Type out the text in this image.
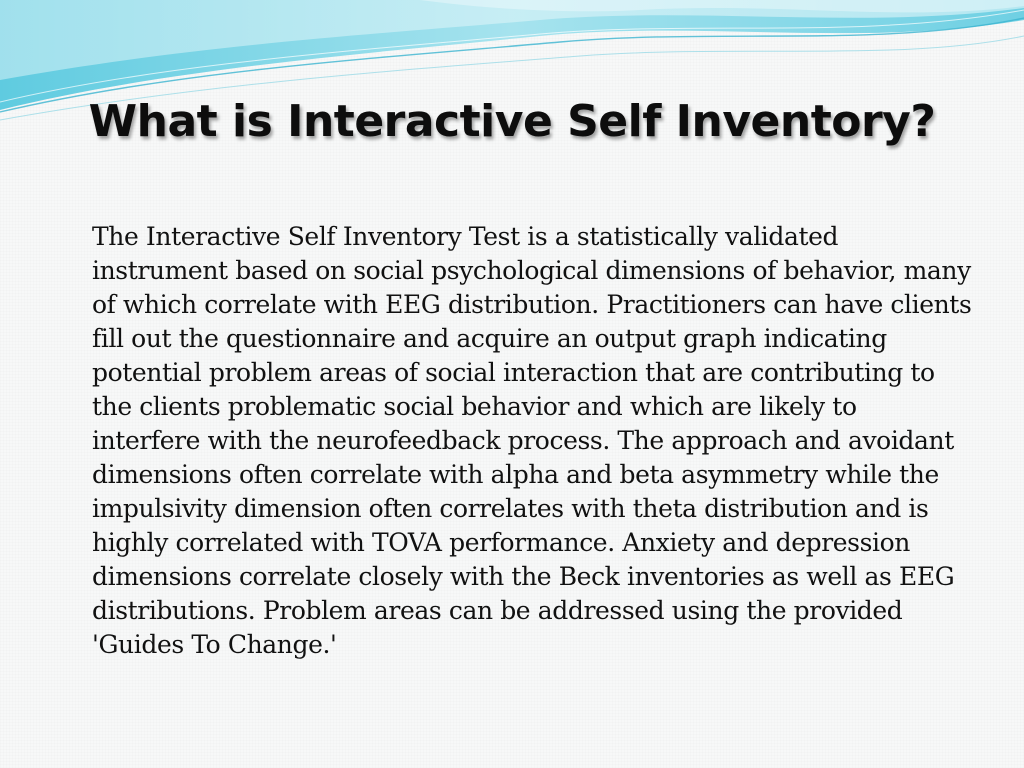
What is Interactive Self Inventory?

The Interactive Self Inventory Test is a statistically validated instrument based on social psychological dimensions of behavior, many of which correlate with EEG distribution. Practitioners can have clients fill out the questionnaire and acquire an output graph indicating potential problem areas of social interaction that are contributing to the clients problematic social behavior and which are likely to interfere with the neurofeedback process. The approach and avoidant dimensions often correlate with alpha and beta asymmetry while the impulsivity dimension often correlates with theta distribution and is highly correlated with TOVA performance. Anxiety and depression dimensions correlate closely with the Beck inventories as well as EEG distributions. Problem areas can be addressed using the provided 'Guides To Change.'
